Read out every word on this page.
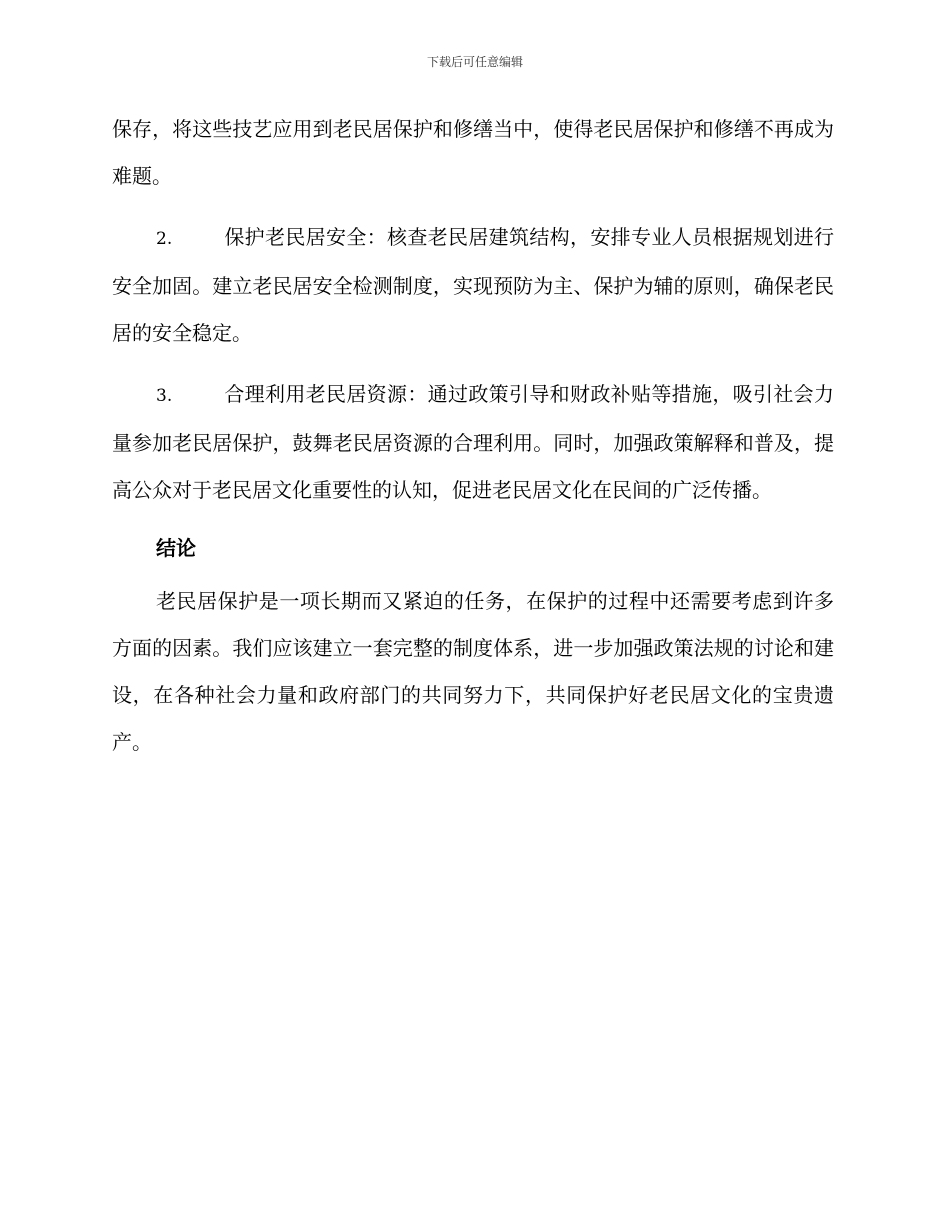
下载后可任意编辑

保存，将这些技艺应用到老民居保护和修缮当中，使得老民居保护和修缮不再成为难题。

2.	保护老民居安全：核查老民居建筑结构，安排专业人员根据规划进行安全加固。建立老民居安全检测制度，实现预防为主、保护为辅的原则，确保老民居的安全稳定。

3.	合理利用老民居资源：通过政策引导和财政补贴等措施，吸引社会力量参加老民居保护，鼓舞老民居资源的合理利用。同时，加强政策解释和普及，提高公众对于老民居文化重要性的认知，促进老民居文化在民间的广泛传播。

结论

老民居保护是一项长期而又紧迫的任务，在保护的过程中还需要考虑到许多方面的因素。我们应该建立一套完整的制度体系，进一步加强政策法规的讨论和建设，在各种社会力量和政府部门的共同努力下，共同保护好老民居文化的宝贵遗产。
